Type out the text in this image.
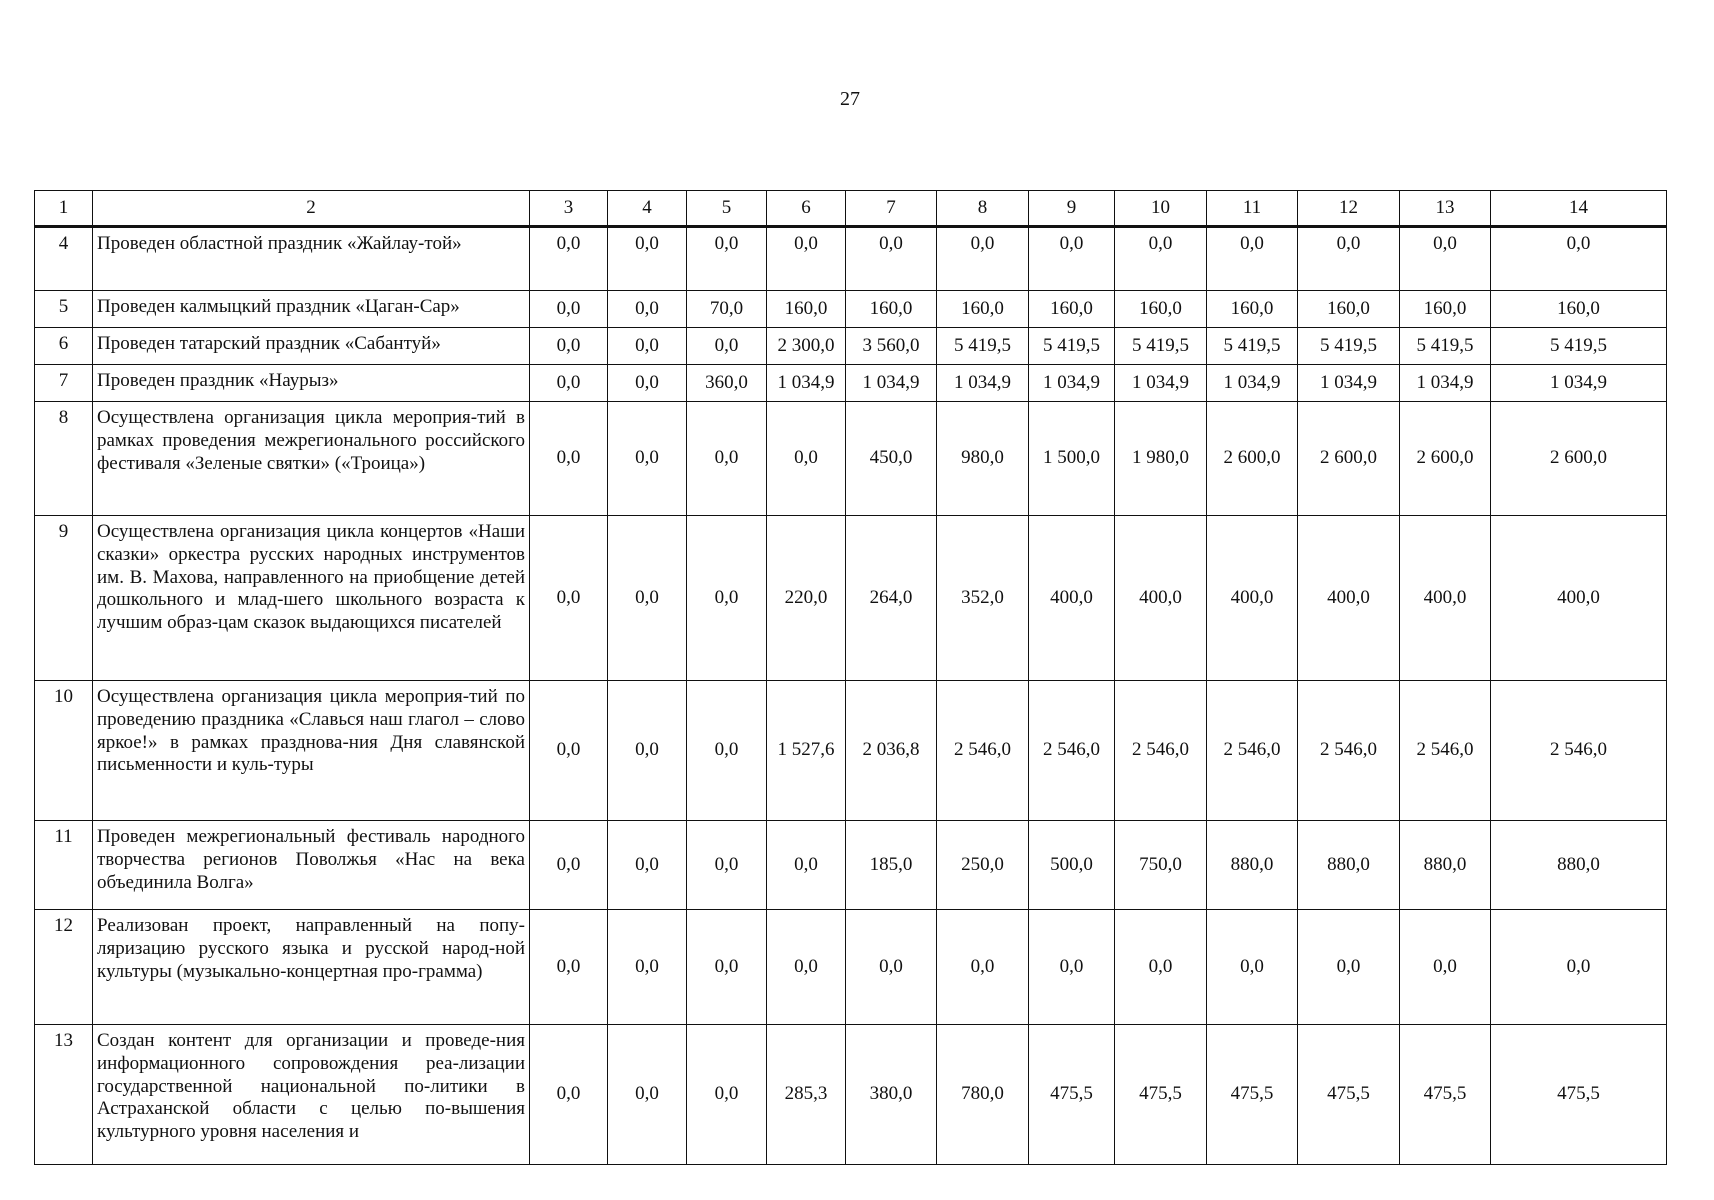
27
1	2	3	4	5	6	7	8	9	10	11	12	13	14
4	Проведен областной праздник «Жайлау-той»	0,0	0,0	0,0	0,0	0,0	0,0	0,0	0,0	0,0	0,0	0,0	0,0
5	Проведен калмыцкий праздник «Цаган-Сар»	0,0	0,0	70,0	160,0	160,0	160,0	160,0	160,0	160,0	160,0	160,0	160,0
6	Проведен татарский праздник «Сабантуй»	0,0	0,0	0,0	2 300,0	3 560,0	5 419,5	5 419,5	5 419,5	5 419,5	5 419,5	5 419,5	5 419,5
7	Проведен праздник «Наурыз»	0,0	0,0	360,0	1 034,9	1 034,9	1 034,9	1 034,9	1 034,9	1 034,9	1 034,9	1 034,9	1 034,9
8	Осуществлена организация цикла мероприя-тий в рамках проведения межрегионального российского фестиваля «Зеленые святки» («Троица»)	0,0	0,0	0,0	0,0	450,0	980,0	1 500,0	1 980,0	2 600,0	2 600,0	2 600,0	2 600,0
9	Осуществлена организация цикла концертов «Наши сказки» оркестра русских народных инструментов им. В. Махова, направленного на приобщение детей дошкольного и млад-шего школьного возраста к лучшим образ-цам сказок выдающихся писателей	0,0	0,0	0,0	220,0	264,0	352,0	400,0	400,0	400,0	400,0	400,0	400,0
10	Осуществлена организация цикла мероприя-тий по проведению праздника «Славься наш глагол – слово яркое!» в рамках празднова-ния Дня славянской письменности и куль-туры	0,0	0,0	0,0	1 527,6	2 036,8	2 546,0	2 546,0	2 546,0	2 546,0	2 546,0	2 546,0	2 546,0
11	Проведен межрегиональный фестиваль народного творчества регионов Поволжья «Нас на века объединила Волга»	0,0	0,0	0,0	0,0	185,0	250,0	500,0	750,0	880,0	880,0	880,0	880,0
12	Реализован проект, направленный на попу-ляризацию русского языка и русской народ-ной культуры (музыкально-концертная про-грамма)	0,0	0,0	0,0	0,0	0,0	0,0	0,0	0,0	0,0	0,0	0,0	0,0
13	Создан контент для организации и проведе-ния информационного сопровождения реа-лизации государственной национальной по-литики в Астраханской области с целью по-вышения культурного уровня населения и	0,0	0,0	0,0	285,3	380,0	780,0	475,5	475,5	475,5	475,5	475,5	475,5
